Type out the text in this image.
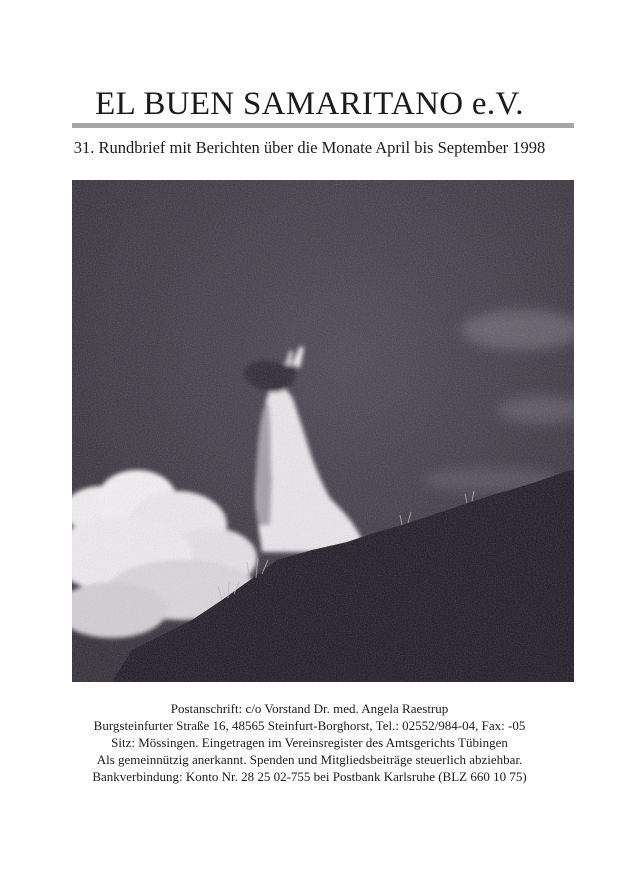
EL BUEN SAMARITANO e.V.

31. Rundbrief mit Berichten über die Monate April bis September 1998

Postanschrift: c/o Vorstand Dr. med. Angela Raestrup
Burgsteinfurter Straße 16, 48565 Steinfurt-Borghorst, Tel.: 02552/984-04, Fax: -05
Sitz: Mössingen. Eingetragen im Vereinsregister des Amtsgerichts Tübingen
Als gemeinnützig anerkannt. Spenden und Mitgliedsbeiträge steuerlich abziehbar.
Bankverbindung: Konto Nr. 28 25 02-755 bei Postbank Karlsruhe (BLZ 660 10 75)
